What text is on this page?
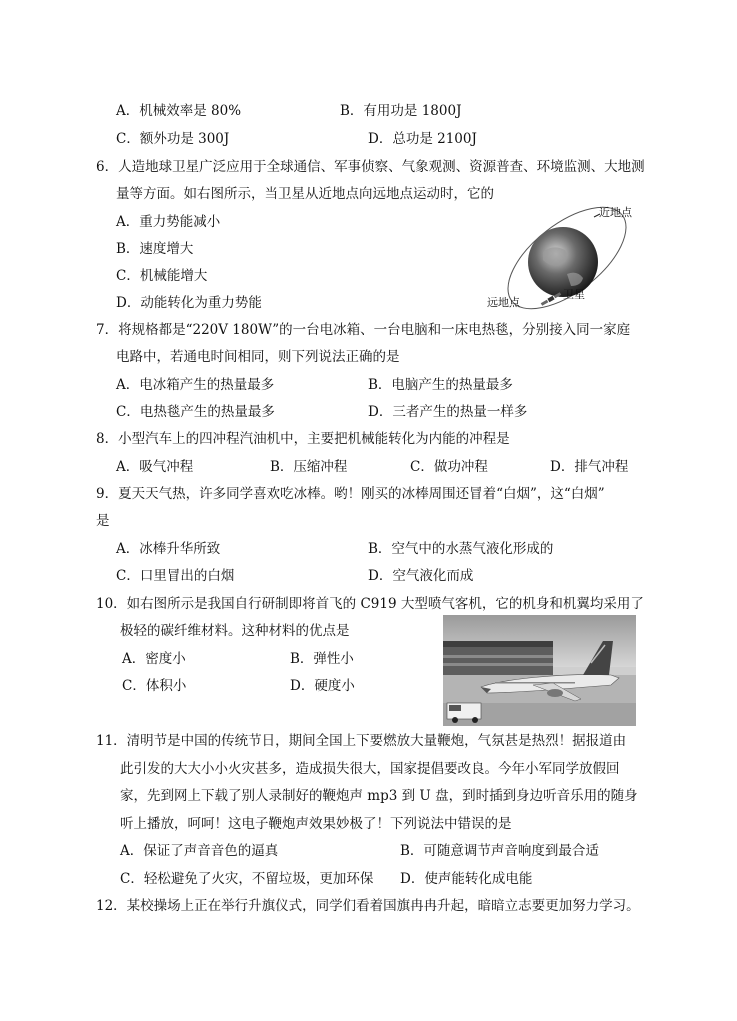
A．机械效率是 80%	B．有用功是 1800J
C．额外功是 300J	D．总功是 2100J
6．人造地球卫星广泛应用于全球通信、军事侦察、气象观测、资源普查、环境监测、大地测
量等方面。如右图所示，当卫星从近地点向远地点运动时，它的
A．重力势能减小
B．速度增大
C．机械能增大
D．动能转化为重力势能
近地点
远地点
卫星
7．将规格都是“220V 180W”的一台电冰箱、一台电脑和一床电热毯，分别接入同一家庭
电路中，若通电时间相同，则下列说法正确的是
A．电冰箱产生的热量最多	B．电脑产生的热量最多
C．电热毯产生的热量最多	D．三者产生的热量一样多
8．小型汽车上的四冲程汽油机中，主要把机械能转化为内能的冲程是
A．吸气冲程	B．压缩冲程	C．做功冲程	D．排气冲程
9．夏天天气热，许多同学喜欢吃冰棒。哟！刚买的冰棒周围还冒着“白烟”，这“白烟”
是
A．冰棒升华所致	B．空气中的水蒸气液化形成的
C．口里冒出的白烟	D．空气液化而成
10．如右图所示是我国自行研制即将首飞的 C919 大型喷气客机，它的机身和机翼均采用了
极轻的碳纤维材料。这种材料的优点是
A．密度小	B．弹性小
C．体积小	D．硬度小
11．清明节是中国的传统节日，期间全国上下要燃放大量鞭炮，气氛甚是热烈！据报道由
此引发的大大小小火灾甚多，造成损失很大，国家提倡要改良。今年小军同学放假回
家，先到网上下载了别人录制好的鞭炮声 mp3 到 U 盘，到时插到身边听音乐用的随身
听上播放，呵呵！这电子鞭炮声效果妙极了！下列说法中错误的是
A．保证了声音音色的逼真	B．可随意调节声音响度到最合适
C．轻松避免了火灾，不留垃圾，更加环保 D．使声能转化成电能
12．某校操场上正在举行升旗仪式，同学们看着国旗冉冉升起，暗暗立志要更加努力学习。
